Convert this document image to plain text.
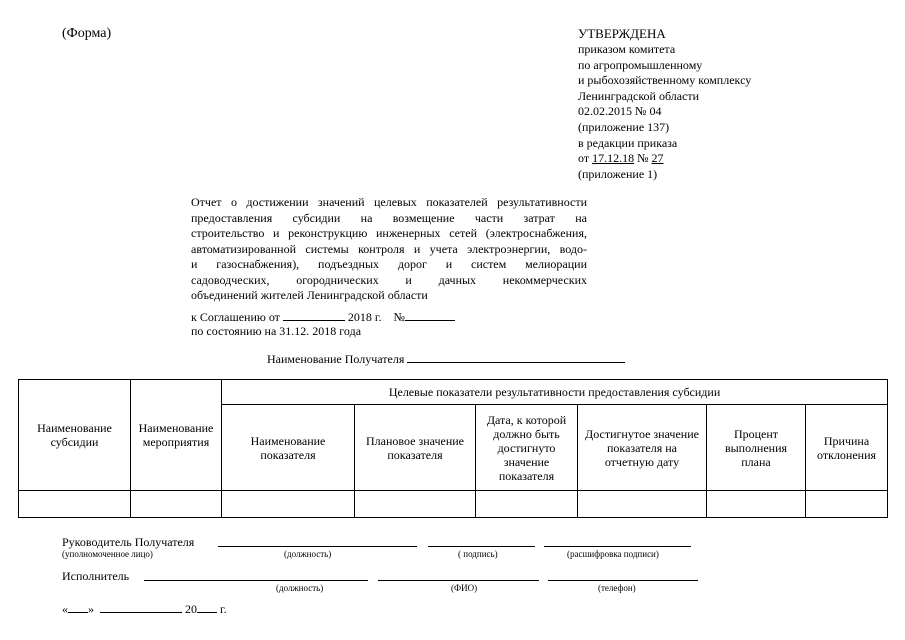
(Форма)	УТВЕРЖДЕНА
приказом комитета
по агропромышленному
и рыбохозяйственному комплексу
Ленинградской области
02.02.2015 № 04
(приложение 137)
в редакции приказа
от 17.12.18 № 27
(приложение 1)
Отчет о достижении значений целевых показателей результативности
предоставления субсидии на возмещение части затрат на
строительство и реконструкцию инженерных сетей (электроснабжения,
автоматизированной системы контроля и учета электроэнергии, водо-
и газоснабжения), подъездных дорог и систем мелиорации
садоводческих, огороднических и дачных некоммерческих
объединений жителей Ленинградской области
к Соглашению от	2018 г. №
по состоянию на 31.12. 2018 года
Наименование Получателя
Наименование субсидии	Наименование мероприятия	Целевые показатели результативности предоставления субсидии					
		Наименование показателя	Плановое значение показателя	Дата, к которой должно быть достигнуто значение показателя	Достигнутое значение показателя на отчетную дату	Процент выполнения плана	Причина отклонения

Руководитель Получателя
(уполномоченное лицо)	(должность)	( подпись)	(расшифровка подписи)
Исполнитель
(должность)	(ФИО)	(телефон)
« »	20 г.
